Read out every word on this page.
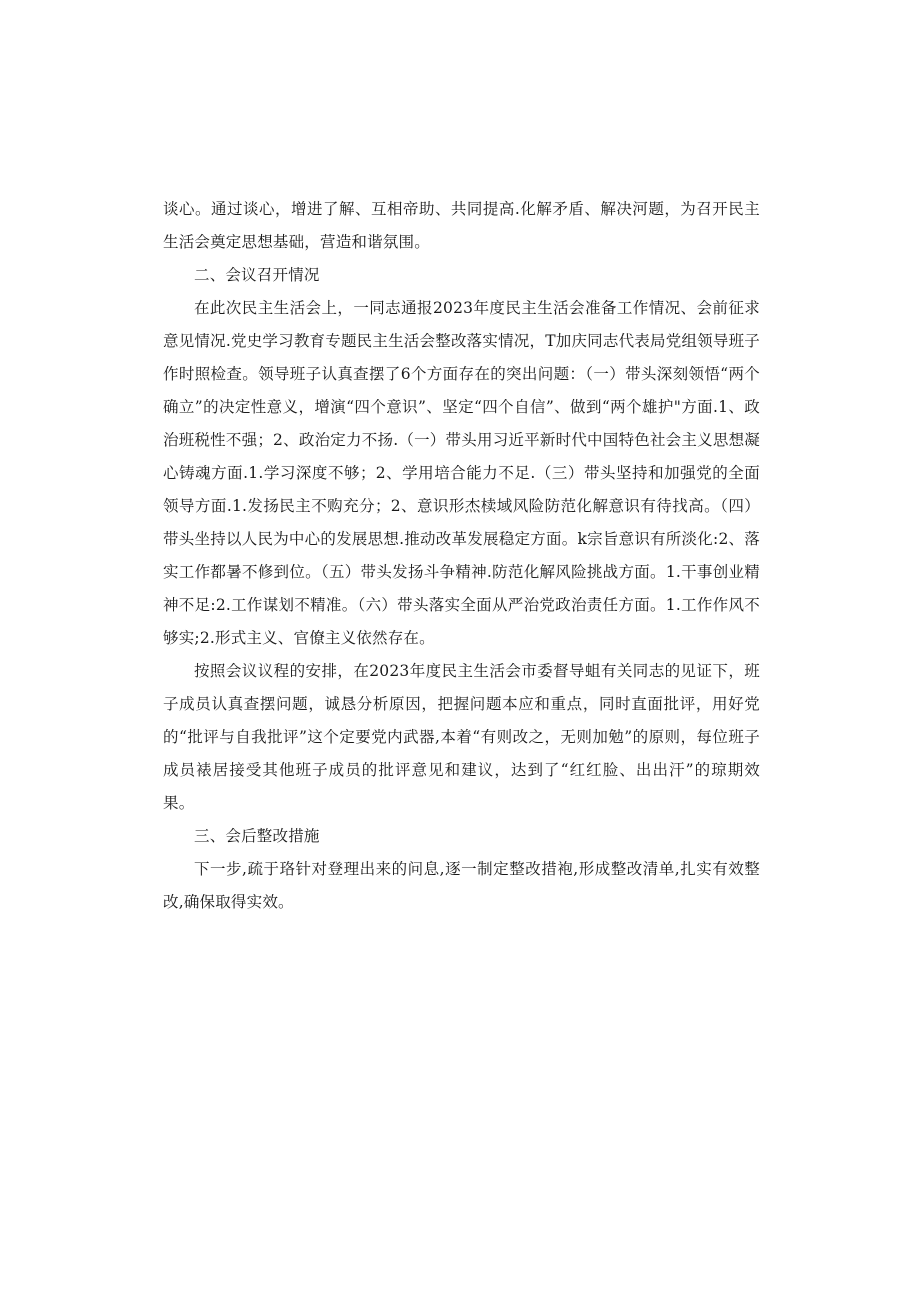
谈心。通过谈心，增进了解、互相帝助、共同提高.化解矛盾、解决河题，为召开民主生活会奠定思想基础，营造和谐氛围。

二、会议召开情况

在此次民主生活会上，一同志通报2023年度民主生活会准备工作情况、会前征求意见情况.党史学习教育专题民主生活会整改落实情况，T加庆同志代表局党组领导班子作时照检查。领导班子认真查摆了6个方面存在的突出问题：（一）带头深刻领悟“两个确立”的决定性意义，增演“四个意识”、坚定“四个自信”、做到“两个雄护"方面.1、政治班税性不强；2、政治定力不扬.（一）带头用习近平新时代中国特色社会主义思想凝心铸魂方面.1.学习深度不够；2、学用培合能力不足.（三）带头坚持和加强党的全面领导方面.1.发扬民主不购充分；2、意识形杰椟域风险防范化解意识有待找高。（四）带头坐持以人民为中心的发展思想.推动改革发展稳定方面。k宗旨意识有所淡化:2、落实工作都暑不修到位。（五）带头发扬斗争精神.防范化解风险挑战方面。1.干事创业精神不足:2.工作谋划不精准。（六）带头落实全面从严治党政治责任方面。1.工作作风不够实;2.形式主义、官僚主义依然存在。

按照会议议程的安排，在2023年度民主生活会市委督导蛆有关同志的见证下，班子成员认真查摆问题，诚恳分析原因，把握问题本应和重点，同时直面批评，用好党的“批评与自我批评”这个定要党内武器,本着“有则改之，无则加勉”的原则，每位班子成员裱居接受其他班子成员的批评意见和建议，达到了“红红脸、出出汗”的琼期效果。

三、会后整改措施

下一步,疏于珞针对登理出来的问息,逐一制定整改措袍,形成整改清单,扎实有效整改,确保取得实效。
